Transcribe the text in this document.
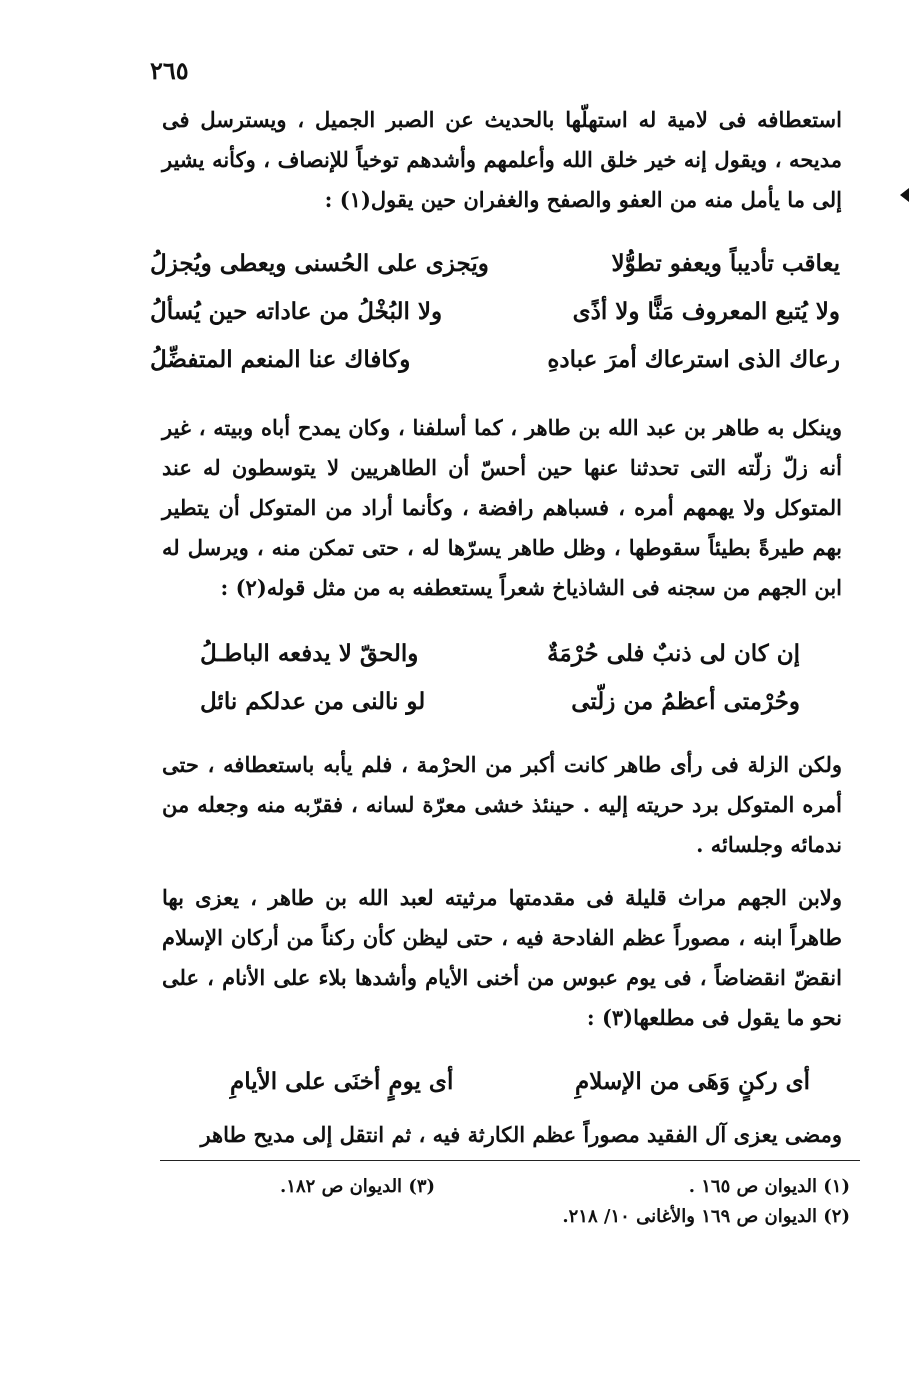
٢٦٥

استعطافه فى لامية له استهلّها بالحديث عن الصبر الجميل ، ويسترسل فى مديحه ، ويقول إنه خير خلق الله وأعلمهم وأشدهم توخياً للإنصاف ، وكأنه يشير إلى ما يأمل منه من العفو والصفح والغفران حين يقول(١) :

يعاقب تأديباً ويعفو تطوُّلا
ويَجزى على الحُسنى ويعطى ويُجزلُ
ولا يُتبع المعروف مَنًّا ولا أذًى
ولا البُخْلُ من عاداته حين يُسألُ
رعاك الذى استرعاك أمرَ عبادهِ
وكافاك عنا المنعم المتفضِّلُ

وينكل به طاهر بن عبد الله بن طاهر ، كما أسلفنا ، وكان يمدح أباه وبيته ، غير أنه زلّ زلّته التى تحدثنا عنها حين أحسّ أن الطاهريين لا يتوسطون له عند المتوكل ولا يهمهم أمره ، فسباهم رافضة ، وكأنما أراد من المتوكل أن يتطير بهم طيرةً بطيئاً سقوطها ، وظل طاهر يسرّها له ، حتى تمكن منه ، ويرسل له ابن الجهم من سجنه فى الشاذياخ شعراً يستعطفه به من مثل قوله(٢) :

إن كان لى ذنبٌ فلى حُرْمَةٌ
والحقّ لا يدفعه الباطـلُ
وحُرْمتى أعظمُ من زلّتى
لو نالنى من عدلكم نائل

ولكن الزلة فى رأى طاهر كانت أكبر من الحرْمة ، فلم يأبه باستعطافه ، حتى أمره المتوكل برد حريته إليه . حينئذ خشى معرّة لسانه ، فقرّبه منه وجعله من ندمائه وجلسائه .

ولابن الجهم مراث قليلة فى مقدمتها مرثيته لعبد الله بن طاهر ، يعزى بها طاهراً ابنه ، مصوراً عظم الفادحة فيه ، حتى ليظن كأن ركناً من أركان الإسلام انقضّ انقضاضاً ، فى يوم عبوس من أخنى الأيام وأشدها بلاء على الأنام ، على نحو ما يقول فى مطلعها(٣) :

أى ركنٍ وَهَى من الإسلامِ
أى يومٍ أخنَى على الأيامِ

ومضى يعزى آل الفقيد مصوراً عظم الكارثة فيه ، ثم انتقل إلى مديح طاهر

(١) الديوان ص ١٦٥ .
(٣) الديوان ص ١٨٢.
(٢) الديوان ص ١٦٩ والأغانى ١٠/ ٢١٨.
